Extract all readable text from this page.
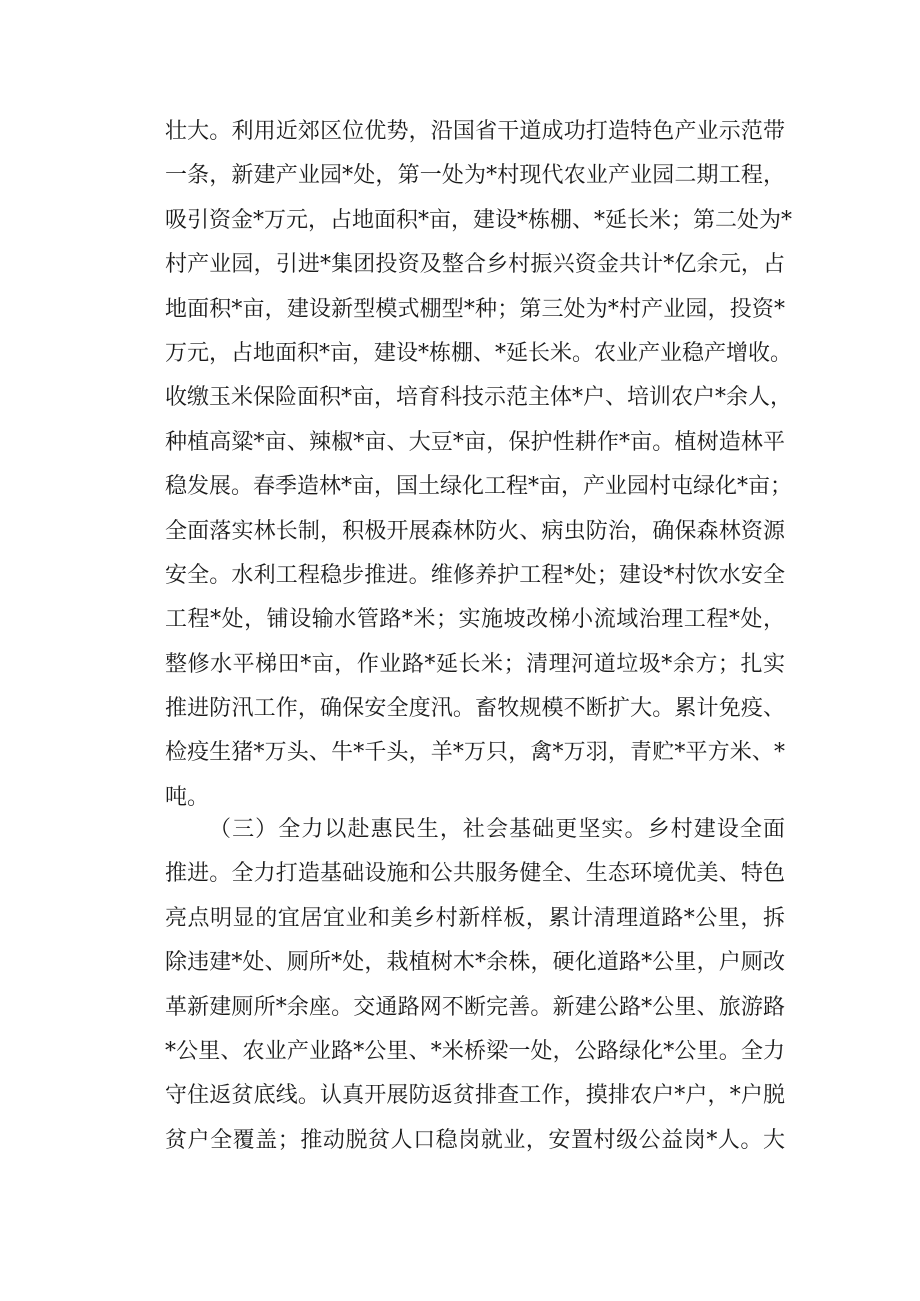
壮大。利用近郊区位优势，沿国省干道成功打造特色产业示范带
一条，新建产业园*处，第一处为*村现代农业产业园二期工程，
吸引资金*万元，占地面积*亩，建设*栋棚、*延长米；第二处为*
村产业园，引进*集团投资及整合乡村振兴资金共计*亿余元，占
地面积*亩，建设新型模式棚型*种；第三处为*村产业园，投资*
万元，占地面积*亩，建设*栋棚、*延长米。农业产业稳产增收。
收缴玉米保险面积*亩，培育科技示范主体*户、培训农户*余人，
种植高粱*亩、辣椒*亩、大豆*亩，保护性耕作*亩。植树造林平
稳发展。春季造林*亩，国土绿化工程*亩，产业园村屯绿化*亩；
全面落实林长制，积极开展森林防火、病虫防治，确保森林资源
安全。水利工程稳步推进。维修养护工程*处；建设*村饮水安全
工程*处，铺设输水管路*米；实施坡改梯小流域治理工程*处，
整修水平梯田*亩，作业路*延长米；清理河道垃圾*余方；扎实
推进防汛工作，确保安全度汛。畜牧规模不断扩大。累计免疫、
检疫生猪*万头、牛*千头，羊*万只，禽*万羽，青贮*平方米、*
吨。
（三）全力以赴惠民生，社会基础更坚实。乡村建设全面
推进。全力打造基础设施和公共服务健全、生态环境优美、特色
亮点明显的宜居宜业和美乡村新样板，累计清理道路*公里，拆
除违建*处、厕所*处，栽植树木*余株，硬化道路*公里，户厕改
革新建厕所*余座。交通路网不断完善。新建公路*公里、旅游路
*公里、农业产业路*公里、*米桥梁一处，公路绿化*公里。全力
守住返贫底线。认真开展防返贫排查工作，摸排农户*户，*户脱
贫户全覆盖；推动脱贫人口稳岗就业，安置村级公益岗*人。大
